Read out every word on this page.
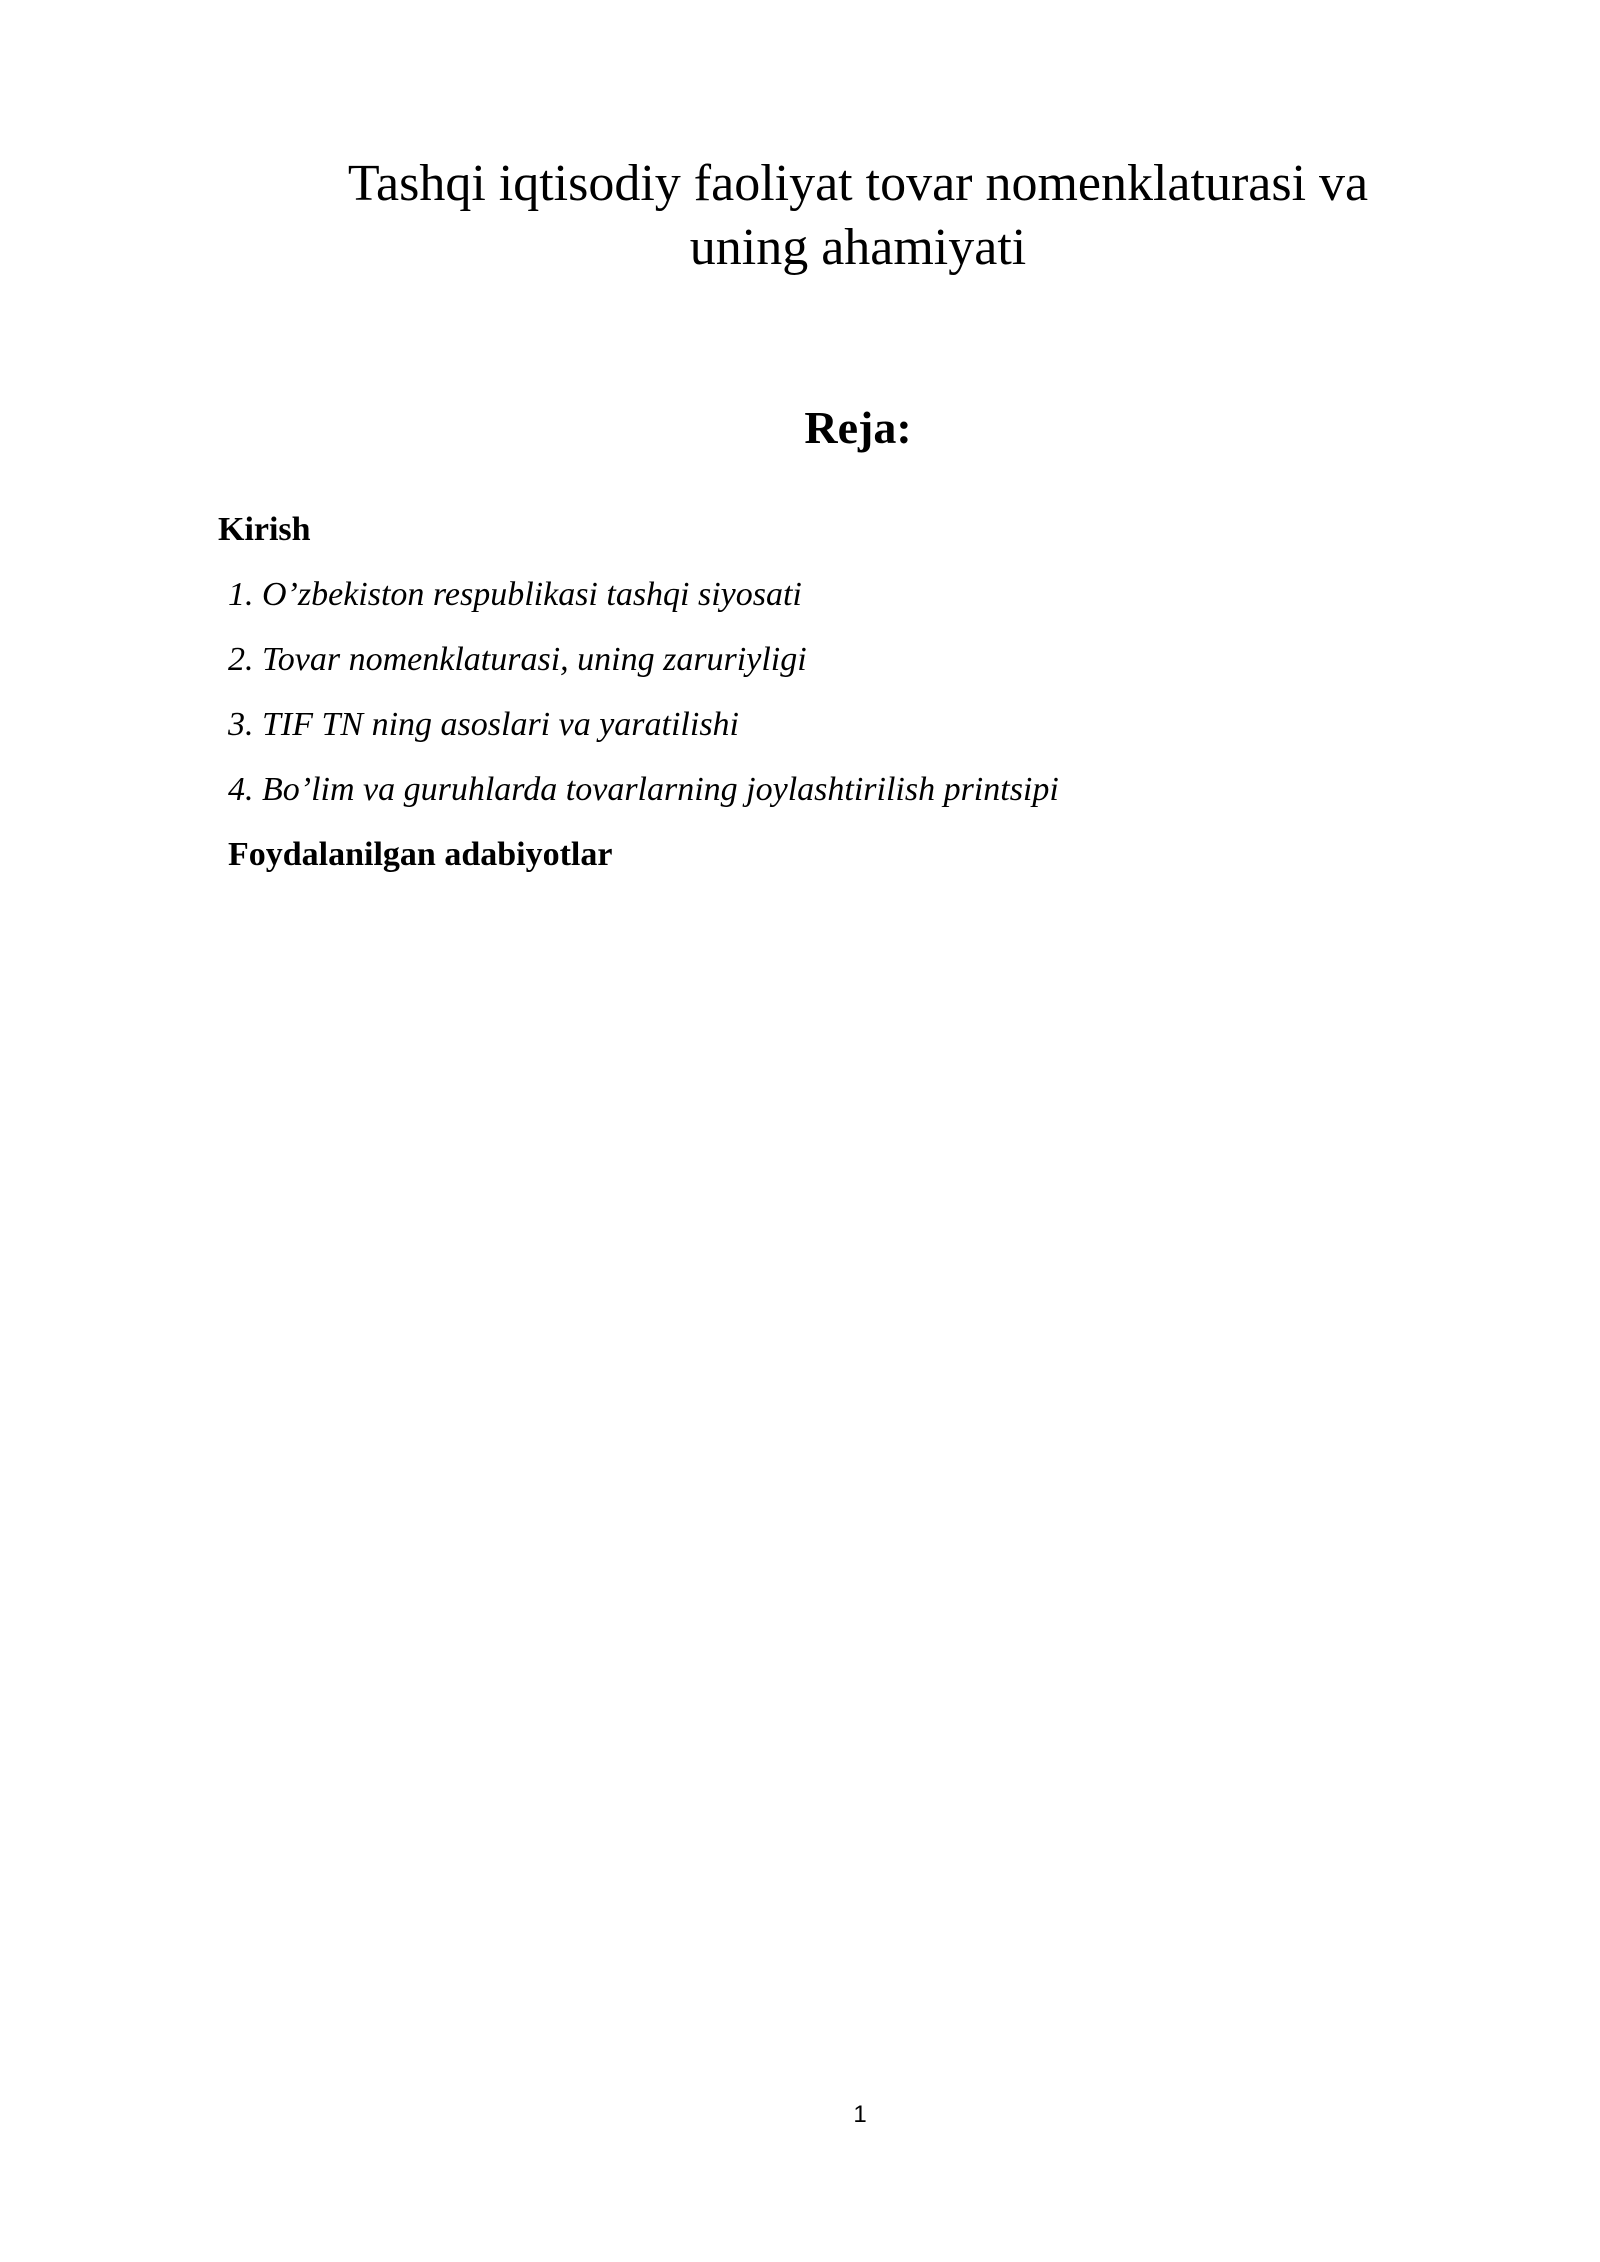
Tashqi iqtisodiy faoliyat tovar nomenklaturasi va
uning ahamiyati
Reja:
Kirish
1. O’zbekiston respublikasi tashqi siyosati
2. Tovar nomenklaturasi, uning zaruriyligi
3. TIF TN ning asoslari va yaratilishi
4. Bo’lim va guruhlarda tovarlarning joylashtirilish printsipi
Foydalanilgan adabiyotlar
1
